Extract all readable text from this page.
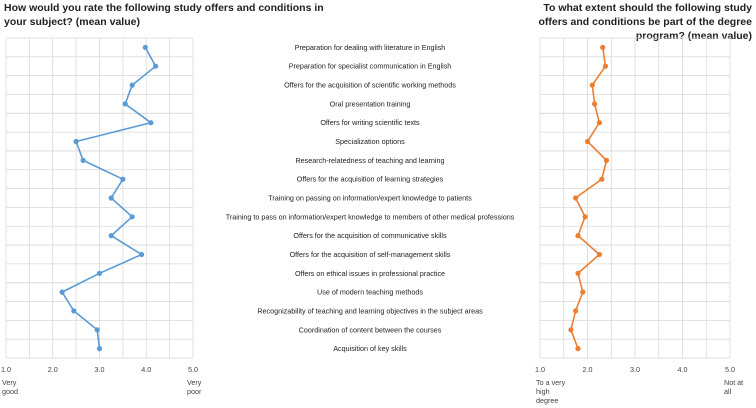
How would you rate the following study offers and conditions in your subject? (mean value)
To what extent should the following study offers and conditions be part of the degree program? (mean value)
1.0	2.0	3.0	4.0	5.0
Very
good
Very
poor
Preparation for dealing with literature in English
Preparation for specialist communication in English
Offers for the acquisition of scientific working methods
Oral presentation training
Offers for writing scientific texts
Specialization options
Research-relatedness of teaching and learning
Offers for the acquisition of learning strategies
Training on passing on information/expert knowledge to patients
Training to pass on information/expert knowledge to members of other medical professions
Offers for the acquisition of communicative skills
Offers for the acquisition of self-management skills
Offers on ethical issues in professional practice
Use of modern teaching methods
Recognizability of teaching and learning objectives in the subject areas
Coordination of content between the courses
Acquisition of key skills
1.0	2.0	3.0	4.0	5.0
To a very
high
degree
Not at
all
